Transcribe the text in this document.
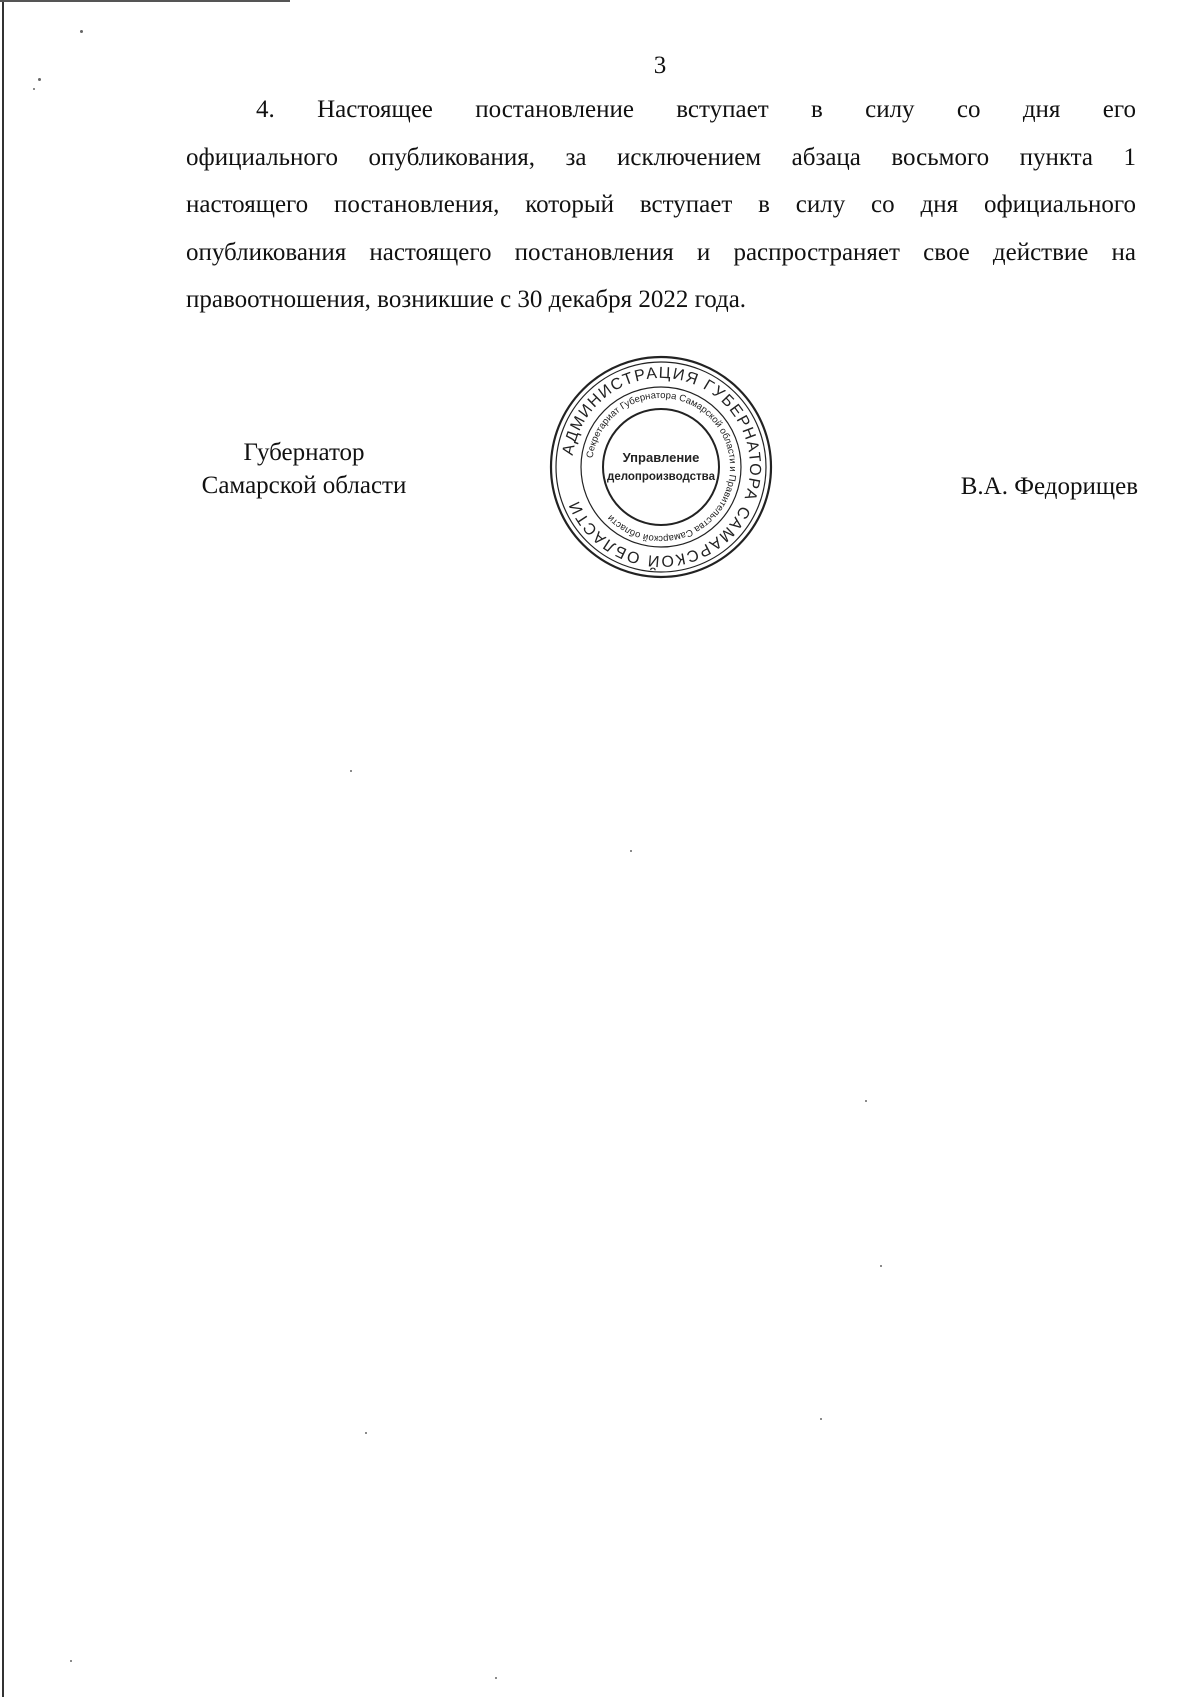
3
4. Настоящее постановление вступает в силу со дня его
официального опубликования, за исключением абзаца восьмого пункта 1
настоящего постановления, который вступает в силу со дня официального
опубликования настоящего постановления и распространяет свое действие на
правоотношения, возникшие с 30 декабря 2022 года.
Губернатор
Самарской области	В.А. Федорищев
АДМИНИСТРАЦИЯ ГУБЕРНАТОРА САМАРСКОЙ ОБЛАСТИ
Секретариат Губернатора Самарской области и Правительства Самарской области
Управление
делопроизводства
